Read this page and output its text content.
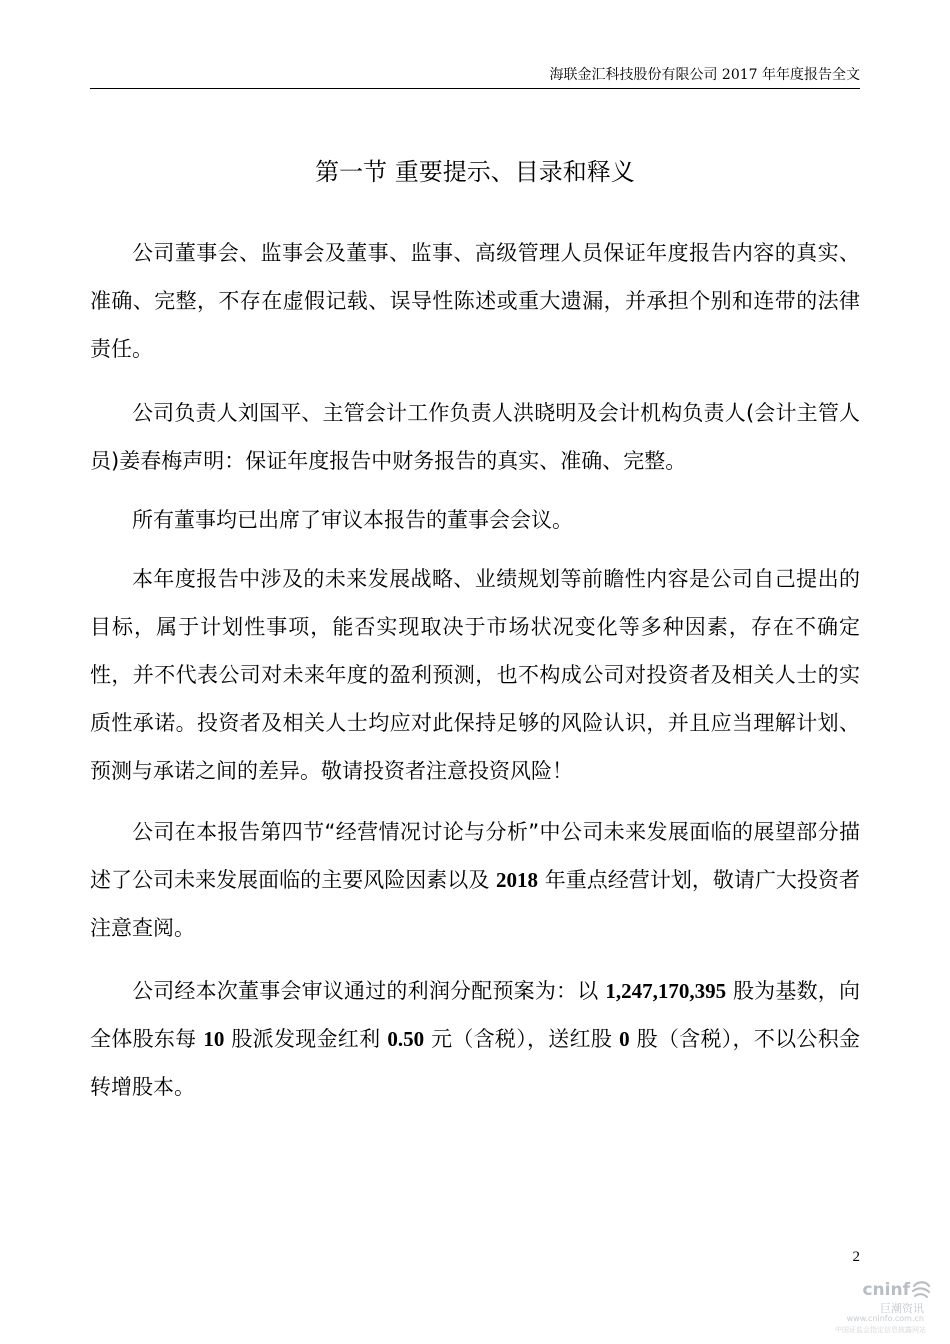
海联金汇科技股份有限公司 2017 年年度报告全文
第一节 重要提示、目录和释义

公司董事会、监事会及董事、监事、高级管理人员保证年度报告内容的真实、准确、完整，不存在虚假记载、误导性陈述或重大遗漏，并承担个别和连带的法律责任。

公司负责人刘国平、主管会计工作负责人洪晓明及会计机构负责人(会计主管人员)姜春梅声明：保证年度报告中财务报告的真实、准确、完整。

所有董事均已出席了审议本报告的董事会会议。

本年度报告中涉及的未来发展战略、业绩规划等前瞻性内容是公司自己提出的目标，属于计划性事项，能否实现取决于市场状况变化等多种因素，存在不确定性，并不代表公司对未来年度的盈利预测，也不构成公司对投资者及相关人士的实质性承诺。投资者及相关人士均应对此保持足够的风险认识，并且应当理解计划、预测与承诺之间的差异。敬请投资者注意投资风险！

公司在本报告第四节“经营情况讨论与分析”中公司未来发展面临的展望部分描述了公司未来发展面临的主要风险因素以及 2018 年重点经营计划，敬请广大投资者注意查阅。

公司经本次董事会审议通过的利润分配预案为：以 1,247,170,395 股为基数，向全体股东每 10 股派发现金红利 0.50 元（含税），送红股 0 股（含税），不以公积金转增股本。

2
cninf
巨潮资讯
www.cninfo.com.cn
中国证监会指定信息披露网站
